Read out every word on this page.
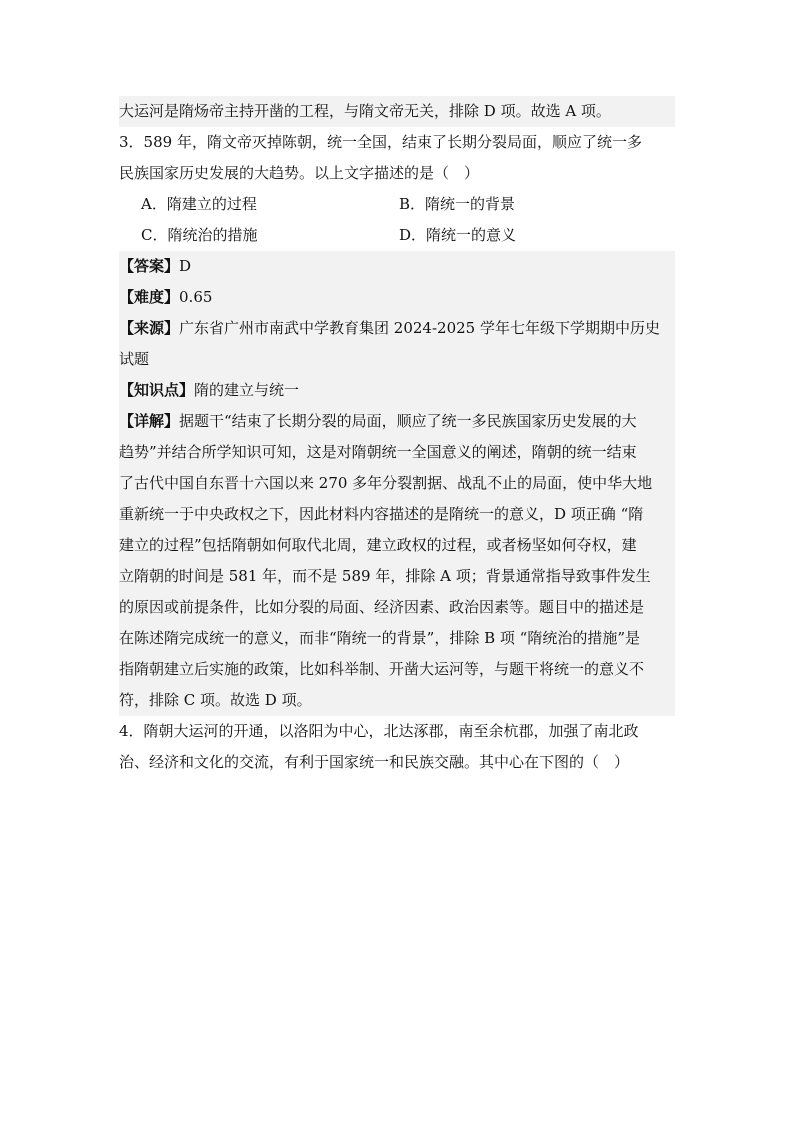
大运河是隋炀帝主持开凿的工程，与隋文帝无关，排除 D 项。故选 A 项。
3．589 年，隋文帝灭掉陈朝，统一全国，结束了长期分裂局面，顺应了统一多
民族国家历史发展的大趋势。以上文字描述的是（　）
A．隋建立的过程	B．隋统一的背景
C．隋统治的措施	D．隋统一的意义
【答案】D
【难度】0.65
【来源】广东省广州市南武中学教育集团 2024-2025 学年七年级下学期期中历史
试题
【知识点】隋的建立与统一
【详解】据题干“结束了长期分裂的局面，顺应了统一多民族国家历史发展的大
趋势”并结合所学知识可知，这是对隋朝统一全国意义的阐述，隋朝的统一结束
了古代中国自东晋十六国以来 270 多年分裂割据、战乱不止的局面，使中华大地
重新统一于中央政权之下，因此材料内容描述的是隋统一的意义，D 项正确 “隋
建立的过程”包括隋朝如何取代北周，建立政权的过程，或者杨坚如何夺权，建
立隋朝的时间是 581 年，而不是 589 年，排除 A 项；背景通常指导致事件发生
的原因或前提条件，比如分裂的局面、经济因素、政治因素等。题目中的描述是
在陈述隋完成统一的意义，而非“隋统一的背景”，排除 B 项 “隋统治的措施”是
指隋朝建立后实施的政策，比如科举制、开凿大运河等，与题干将统一的意义不
符，排除 C 项。故选 D 项。
4．隋朝大运河的开通，以洛阳为中心，北达涿郡，南至余杭郡，加强了南北政
治、经济和文化的交流，有利于国家统一和民族交融。其中心在下图的（　）
